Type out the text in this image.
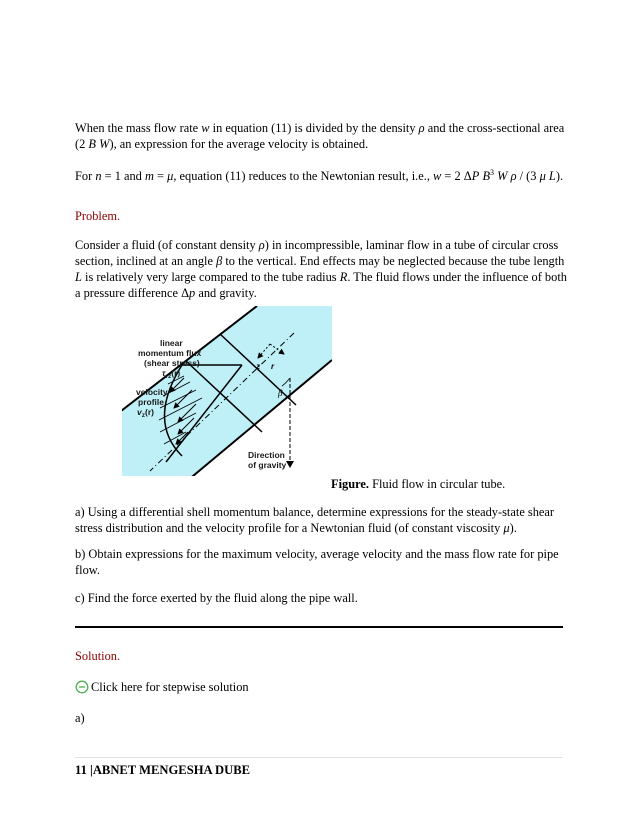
When the mass flow rate w in equation (11) is divided by the density ρ and the cross-sectional area (2 B W), an expression for the average velocity is obtained.

For n = 1 and m = μ, equation (11) reduces to the Newtonian result, i.e., w = 2 ΔP $B^3$ W ρ / (3 μ L).

Problem.

Consider a fluid (of constant density ρ) in incompressible, laminar flow in a tube of circular cross section, inclined at an angle β to the vertical. End effects may be neglected because the tube length L is relatively very large compared to the tube radius R. The fluid flows under the influence of both a pressure difference Δp and gravity.

z r
β
linear
momentum flux
(shear stress)
$\tau_{rz}(r)$
velocity
profile
$v_z(r)$
Direction
of gravity
Figure. Fluid flow in circular tube.

a) Using a differential shell momentum balance, determine expressions for the steady-state shear stress distribution and the velocity profile for a Newtonian fluid (of constant viscosity μ).

b) Obtain expressions for the maximum velocity, average velocity and the mass flow rate for pipe flow.

c) Find the force exerted by the fluid along the pipe wall.

Solution.

Click here for stepwise solution

a)

11 |ABNET MENGESHA DUBE
